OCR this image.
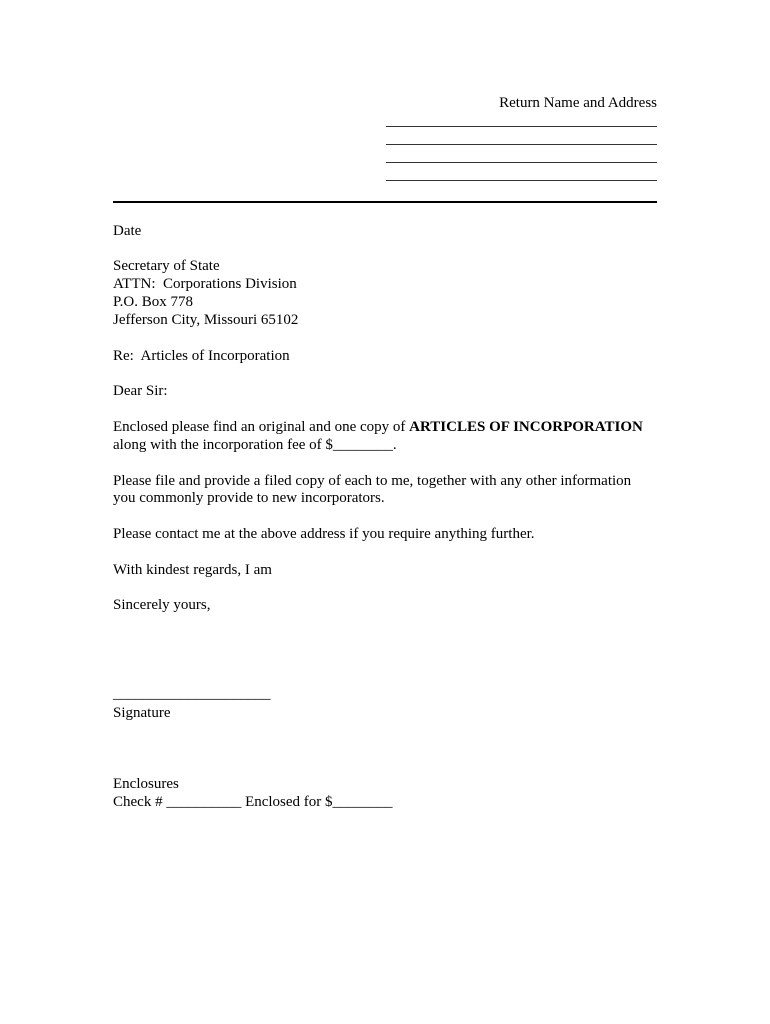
Return Name and Address
Date
Secretary of State
ATTN:  Corporations Division
P.O. Box 778
Jefferson City, Missouri 65102
Re:  Articles of Incorporation
Dear Sir:
Enclosed please find an original and one copy of ARTICLES OF INCORPORATION
along with the incorporation fee of $________.
Please file and provide a filed copy of each to me, together with any other information
you commonly provide to new incorporators.
Please contact me at the above address if you require anything further.
With kindest regards, I am
Sincerely yours,
_____________________
Signature
Enclosures
Check # __________ Enclosed for $________
